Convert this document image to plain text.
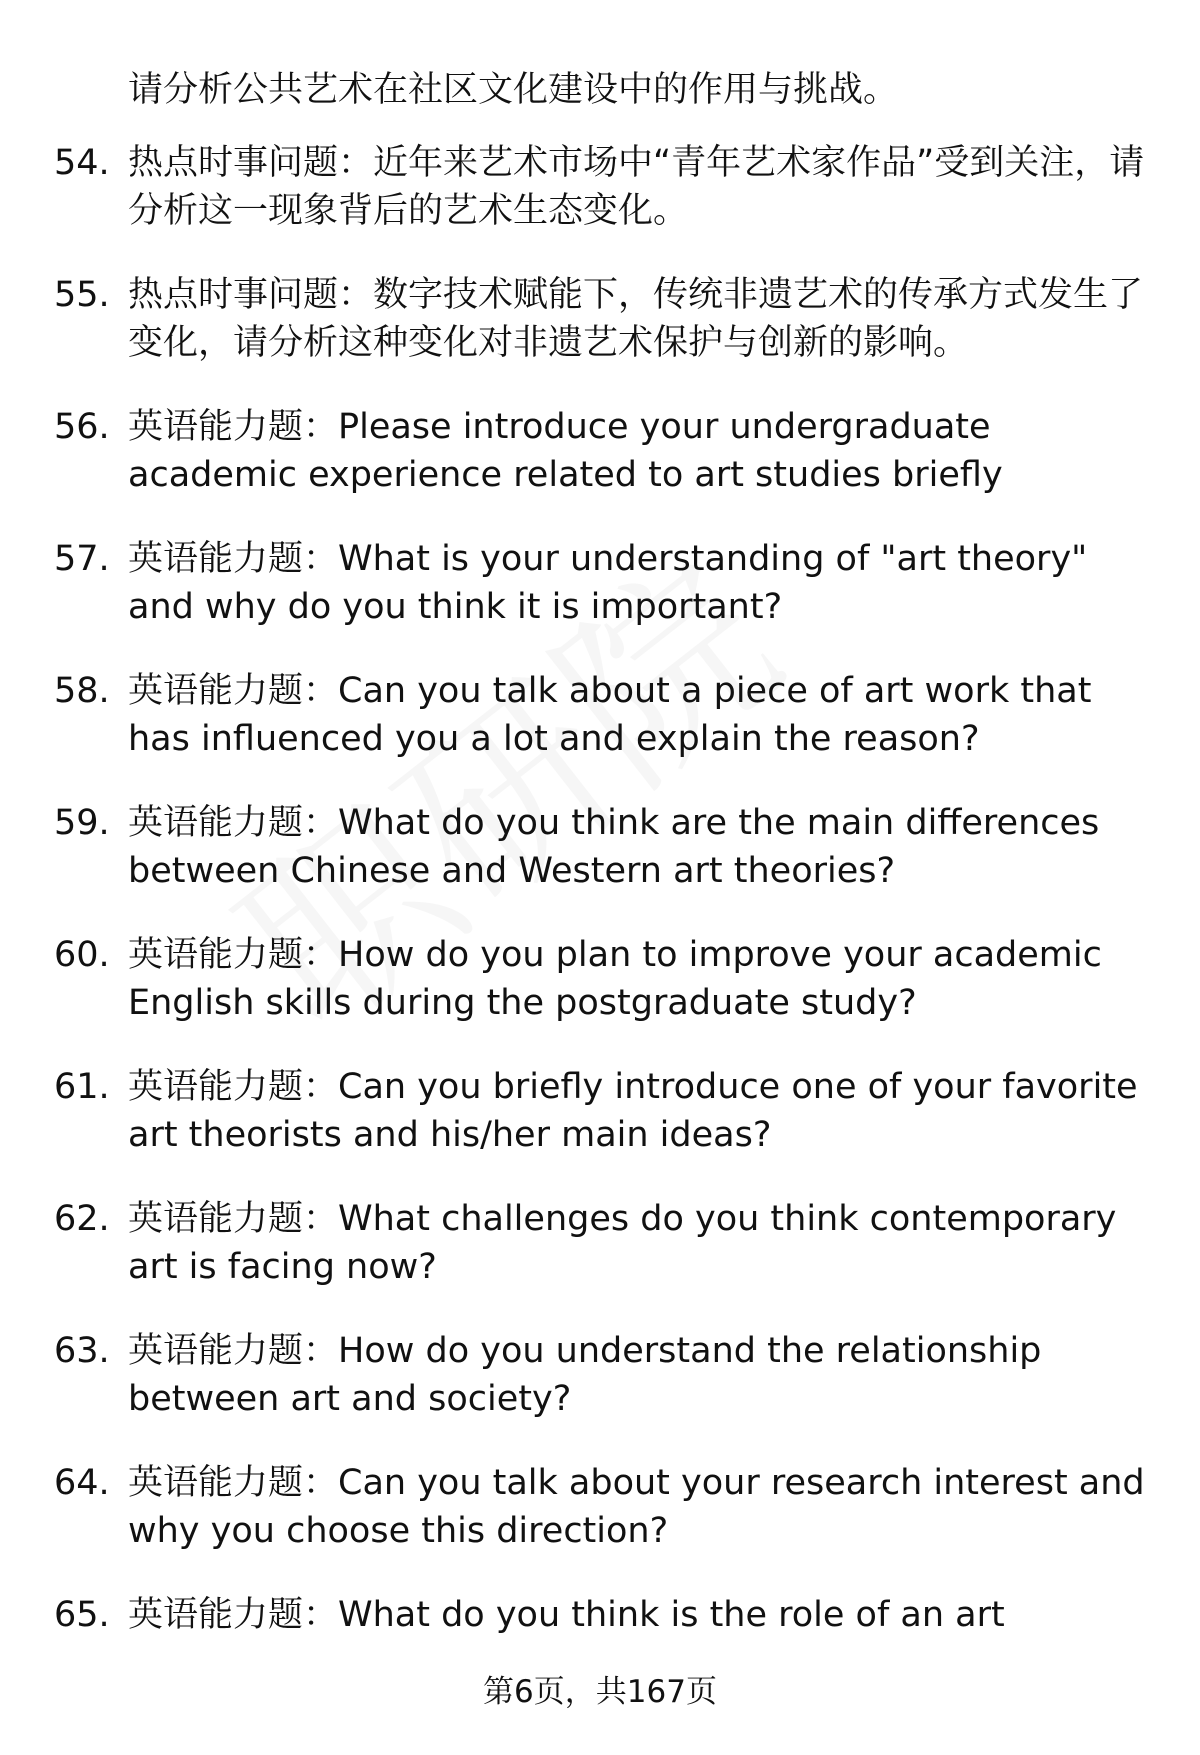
请分析公共艺术在社区文化建设中的作用与挑战。
54. 热点时事问题：近年来艺术市场中“青年艺术家作品”受到关注，请分析这一现象背后的艺术生态变化。
55. 热点时事问题：数字技术赋能下，传统非遗艺术的传承方式发生了变化，请分析这种变化对非遗艺术保护与创新的影响。
56. 英语能力题：Please introduce your undergraduate academic experience related to art studies briefly
57. 英语能力题：What is your understanding of "art theory" and why do you think it is important?
58. 英语能力题：Can you talk about a piece of art work that has influenced you a lot and explain the reason?
59. 英语能力题：What do you think are the main differences between Chinese and Western art theories?
60. 英语能力题：How do you plan to improve your academic English skills during the postgraduate study?
61. 英语能力题：Can you briefly introduce one of your favorite art theorists and his/her main ideas?
62. 英语能力题：What challenges do you think contemporary art is facing now?
63. 英语能力题：How do you understand the relationship between art and society?
64. 英语能力题：Can you talk about your research interest and why you choose this direction?
65. 英语能力题：What do you think is the role of an art
第6页，共167页
